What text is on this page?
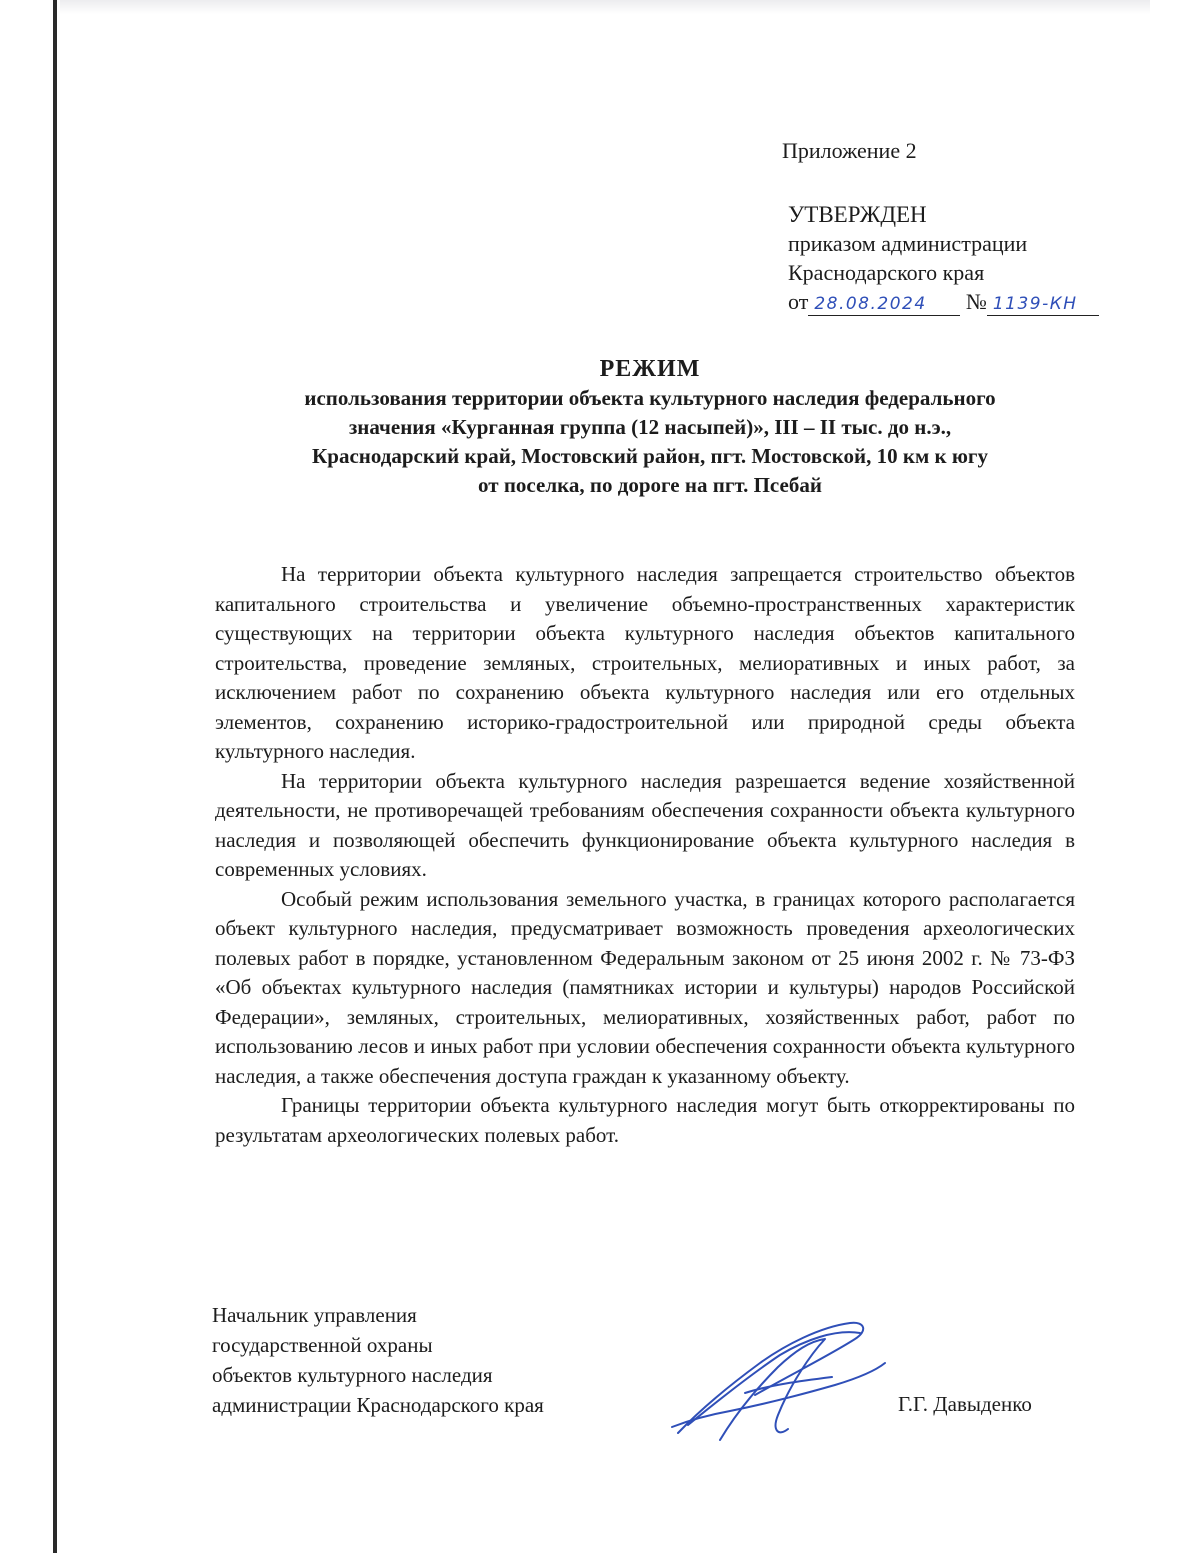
Приложение 2
УТВЕРЖДЕН
приказом администрации
Краснодарского края
от 28.08.2024 № 1139-КН
РЕЖИМ
использования территории объекта культурного наследия федерального
значения «Курганная группа (12 насыпей)», III – II тыс. до н.э.,
Краснодарский край, Мостовский район, пгт. Мостовской, 10 км к югу
от поселка, по дороге на пгт. Псебай

На территории объекта культурного наследия запрещается строительство объектов капитального строительства и увеличение объемно-пространственных характеристик существующих на территории объекта культурного наследия объектов капитального строительства, проведение земляных, строительных, мелиоративных и иных работ, за исключением работ по сохранению объекта культурного наследия или его отдельных элементов, сохранению историко-градостроительной или природной среды объекта культурного наследия.

На территории объекта культурного наследия разрешается ведение хозяйственной деятельности, не противоречащей требованиям обеспечения сохранности объекта культурного наследия и позволяющей обеспечить функционирование объекта культурного наследия в современных условиях.

Особый режим использования земельного участка, в границах которого располагается объект культурного наследия, предусматривает возможность проведения археологических полевых работ в порядке, установленном Федеральным законом от 25 июня 2002 г. № 73-ФЗ «Об объектах культурного наследия (памятниках истории и культуры) народов Российской Федерации», земляных, строительных, мелиоративных, хозяйственных работ, работ по использованию лесов и иных работ при условии обеспечения сохранности объекта культурного наследия, а также обеспечения доступа граждан к указанному объекту.

Границы территории объекта культурного наследия могут быть откорректированы по результатам археологических полевых работ.

Начальник управления
государственной охраны
объектов культурного наследия
администрации Краснодарского края	Г.Г. Давыденко
